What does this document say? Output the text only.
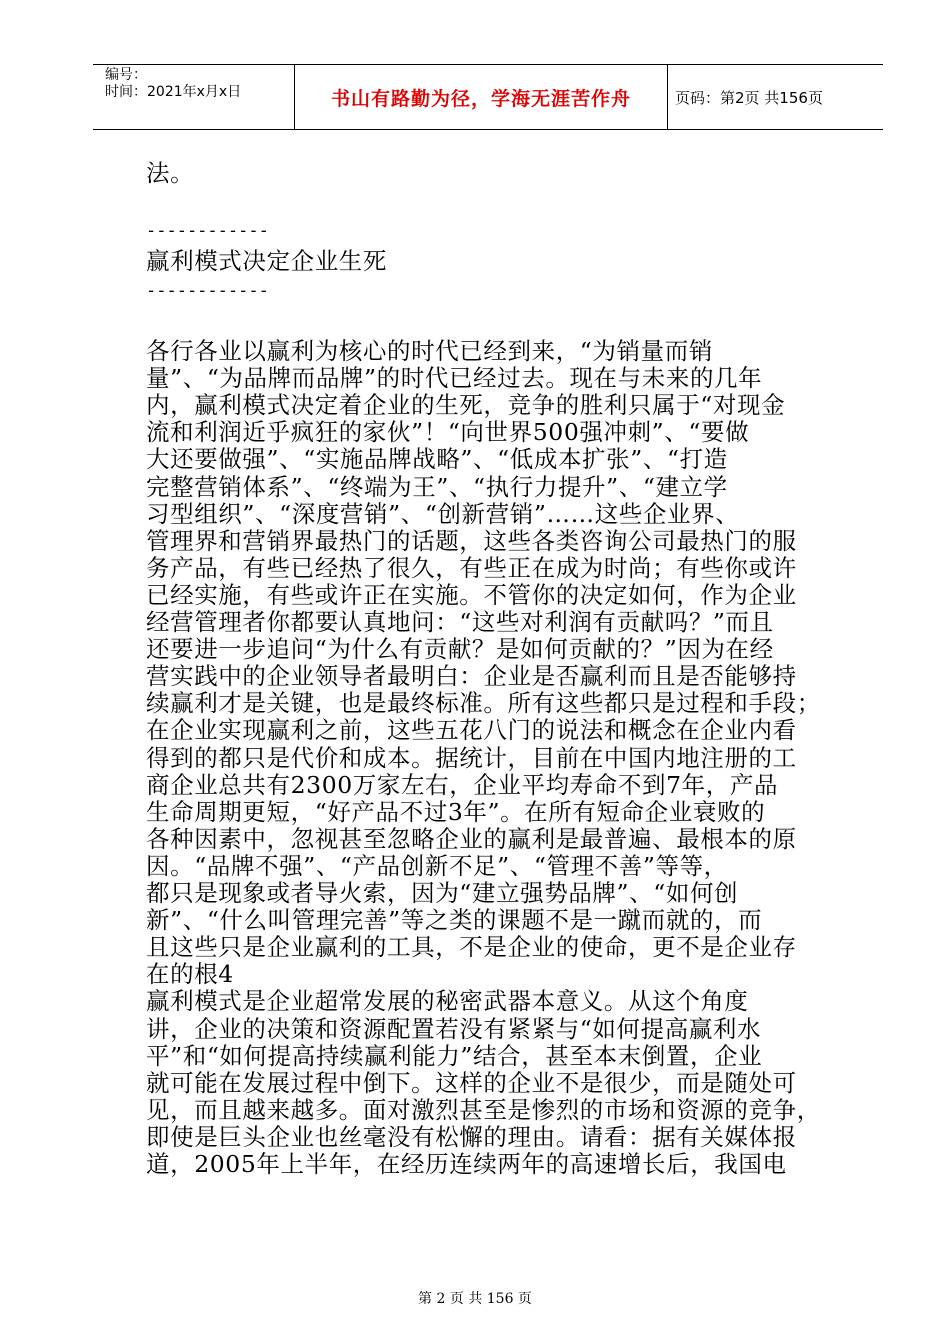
编号：
时间：2021年x月x日	书山有路勤为径，学海无涯苦作舟	页码：第2页 共156页
法。
------------
赢利模式决定企业生死
------------
各行各业以赢利为核心的时代已经到来，“为销量而销
量”、“为品牌而品牌”的时代已经过去。现在与未来的几年
内，赢利模式决定着企业的生死，竞争的胜利只属于“对现金
流和利润近乎疯狂的家伙”！“向世界500强冲刺”、“要做
大还要做强”、“实施品牌战略”、“低成本扩张”、“打造
完整营销体系”、“终端为王”、“执行力提升”、“建立学
习型组织”、“深度营销”、“创新营销”……这些企业界、
管理界和营销界最热门的话题，这些各类咨询公司最热门的服
务产品，有些已经热了很久，有些正在成为时尚；有些你或许
已经实施，有些或许正在实施。不管你的决定如何，作为企业
经营管理者你都要认真地问：“这些对利润有贡献吗？”而且
还要进一步追问“为什么有贡献？是如何贡献的？”因为在经
营实践中的企业领导者最明白：企业是否赢利而且是否能够持
续赢利才是关键，也是最终标准。所有这些都只是过程和手段；
在企业实现赢利之前，这些五花八门的说法和概念在企业内看
得到的都只是代价和成本。据统计，目前在中国内地注册的工
商企业总共有2300万家左右，企业平均寿命不到7年，产品
生命周期更短，“好产品不过3年”。在所有短命企业衰败的
各种因素中，忽视甚至忽略企业的赢利是最普遍、最根本的原
因。“品牌不强”、“产品创新不足”、“管理不善”等等，
都只是现象或者导火索，因为“建立强势品牌”、“如何创
新”、“什么叫管理完善”等之类的课题不是一蹴而就的，而
且这些只是企业赢利的工具，不是企业的使命，更不是企业存
在的根4
赢利模式是企业超常发展的秘密武器本意义。从这个角度
讲，企业的决策和资源配置若没有紧紧与“如何提高赢利水
平”和“如何提高持续赢利能力”结合，甚至本末倒置，企业
就可能在发展过程中倒下。这样的企业不是很少，而是随处可
见，而且越来越多。面对激烈甚至是惨烈的市场和资源的竞争，
即使是巨头企业也丝毫没有松懈的理由。请看：据有关媒体报
道，2005年上半年，在经历连续两年的高速增长后，我国电
第 2 页 共 156 页
